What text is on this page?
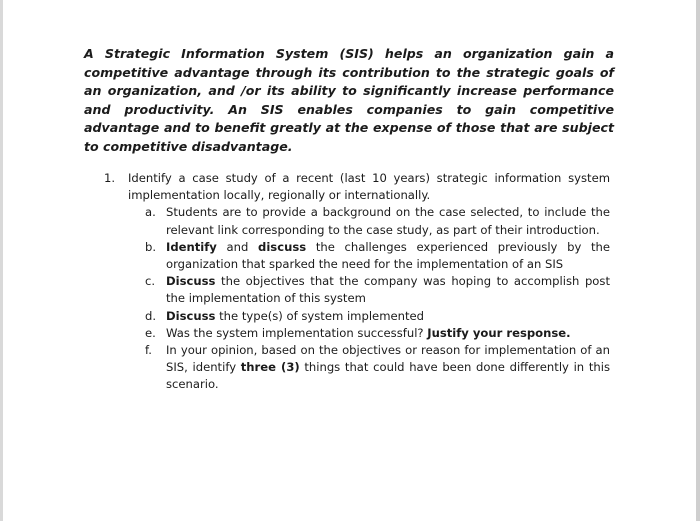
A Strategic Information System (SIS) helps an organization gain a competitive advantage through its contribution to the strategic goals of an organization, and /or its ability to significantly increase performance and productivity. An SIS enables companies to gain competitive advantage and to benefit greatly at the expense of those that are subject to competitive disadvantage.

1. Identify a case study of a recent (last 10 years) strategic information system implementation locally, regionally or internationally.
a. Students are to provide a background on the case selected, to include the relevant link corresponding to the case study, as part of their introduction.
b. Identify and discuss the challenges experienced previously by the organization that sparked the need for the implementation of an SIS
c. Discuss the objectives that the company was hoping to accomplish post the implementation of this system
d. Discuss the type(s) of system implemented
e. Was the system implementation successful? Justify your response.
f. In your opinion, based on the objectives or reason for implementation of an SIS, identify three (3) things that could have been done differently in this scenario.
